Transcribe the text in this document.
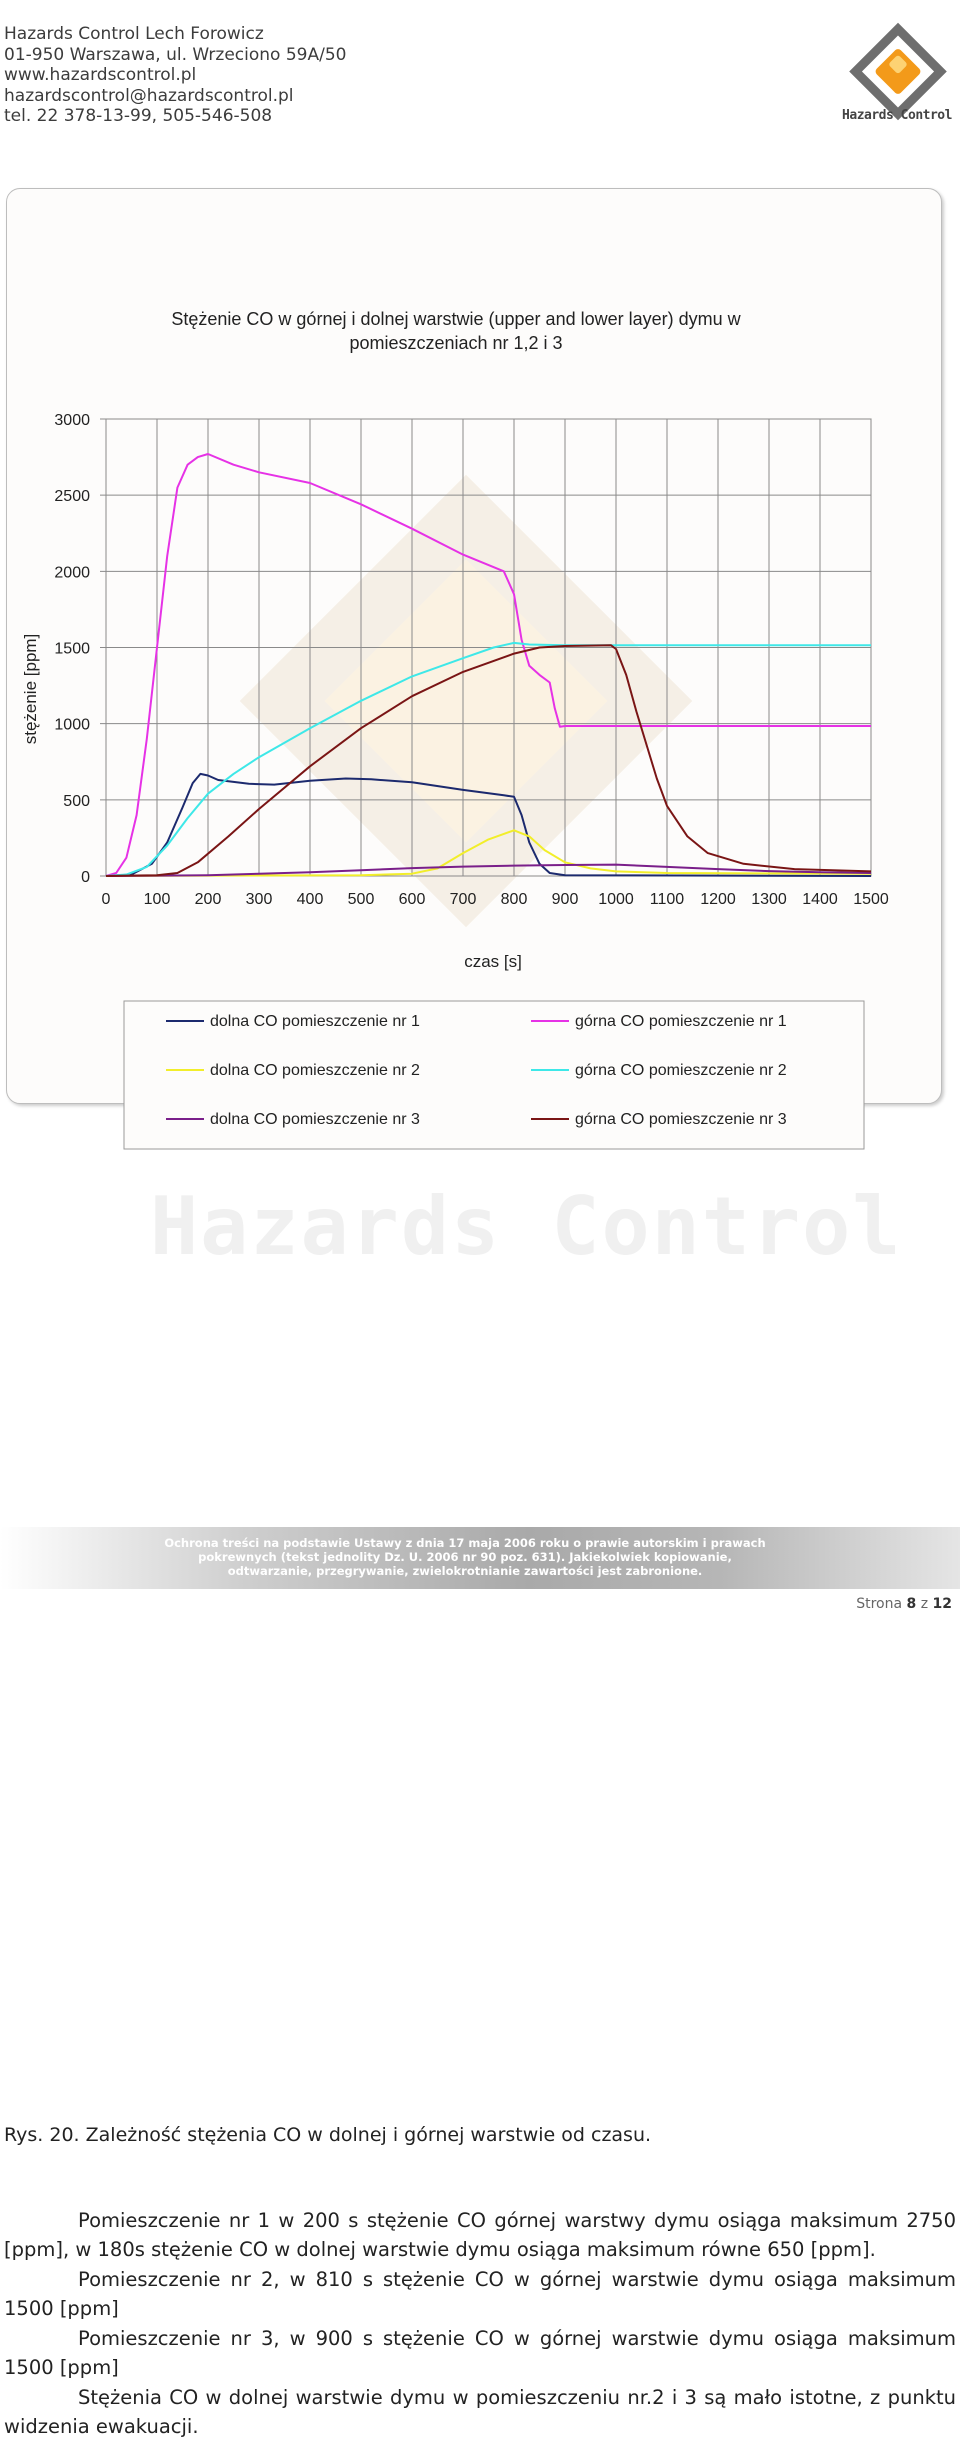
Hazards Control Lech Forowicz
01-950 Warszawa, ul. Wrzeciono 59A/50
www.hazardscontrol.pl
hazardscontrol@hazardscontrol.pl
tel. 22 378-13-99, 505-546-508	Hazards Control
Stężenie CO w górnej i dolnej warstwie (upper and lower layer) dymu w
pomieszczeniach nr 1,2 i 3
0
500
1000
1500
2000
2500
3000
0 100 200 300 400 500 600 700 800 900 1000 1100 1200 1300 1400 1500
stężenie [ppm]
czas [s]
dolna CO pomieszczenie nr 1	górna CO pomieszczenie nr 1
dolna CO pomieszczenie nr 2	górna CO pomieszczenie nr 2
dolna CO pomieszczenie nr 3	górna CO pomieszczenie nr 3
Hazards Control
Rys. 20. Zależność stężenia CO w dolnej i górnej warstwie od czasu.

Pomieszczenie nr 1 w 200 s stężenie CO górnej warstwy dymu osiąga maksimum 2750 [ppm], w 180s stężenie CO w dolnej warstwie dymu osiąga maksimum równe 650 [ppm].

Pomieszczenie nr 2, w 810 s stężenie CO w górnej warstwie dymu osiąga maksimum 1500 [ppm]

Pomieszczenie nr 3, w 900 s stężenie CO w górnej warstwie dymu osiąga maksimum 1500 [ppm]

Stężenia CO w dolnej warstwie dymu w pomieszczeniu nr.2 i 3 są mało istotne, z punktu widzenia ewakuacji.

Ochrona treści na podstawie Ustawy z dnia 17 maja 2006 roku o prawie autorskim i prawach
pokrewnych (tekst jednolity Dz. U. 2006 nr 90 poz. 631). Jakiekolwiek kopiowanie,
odtwarzanie, przegrywanie, zwielokrotnianie zawartości jest zabronione.
Strona 8 z 12
